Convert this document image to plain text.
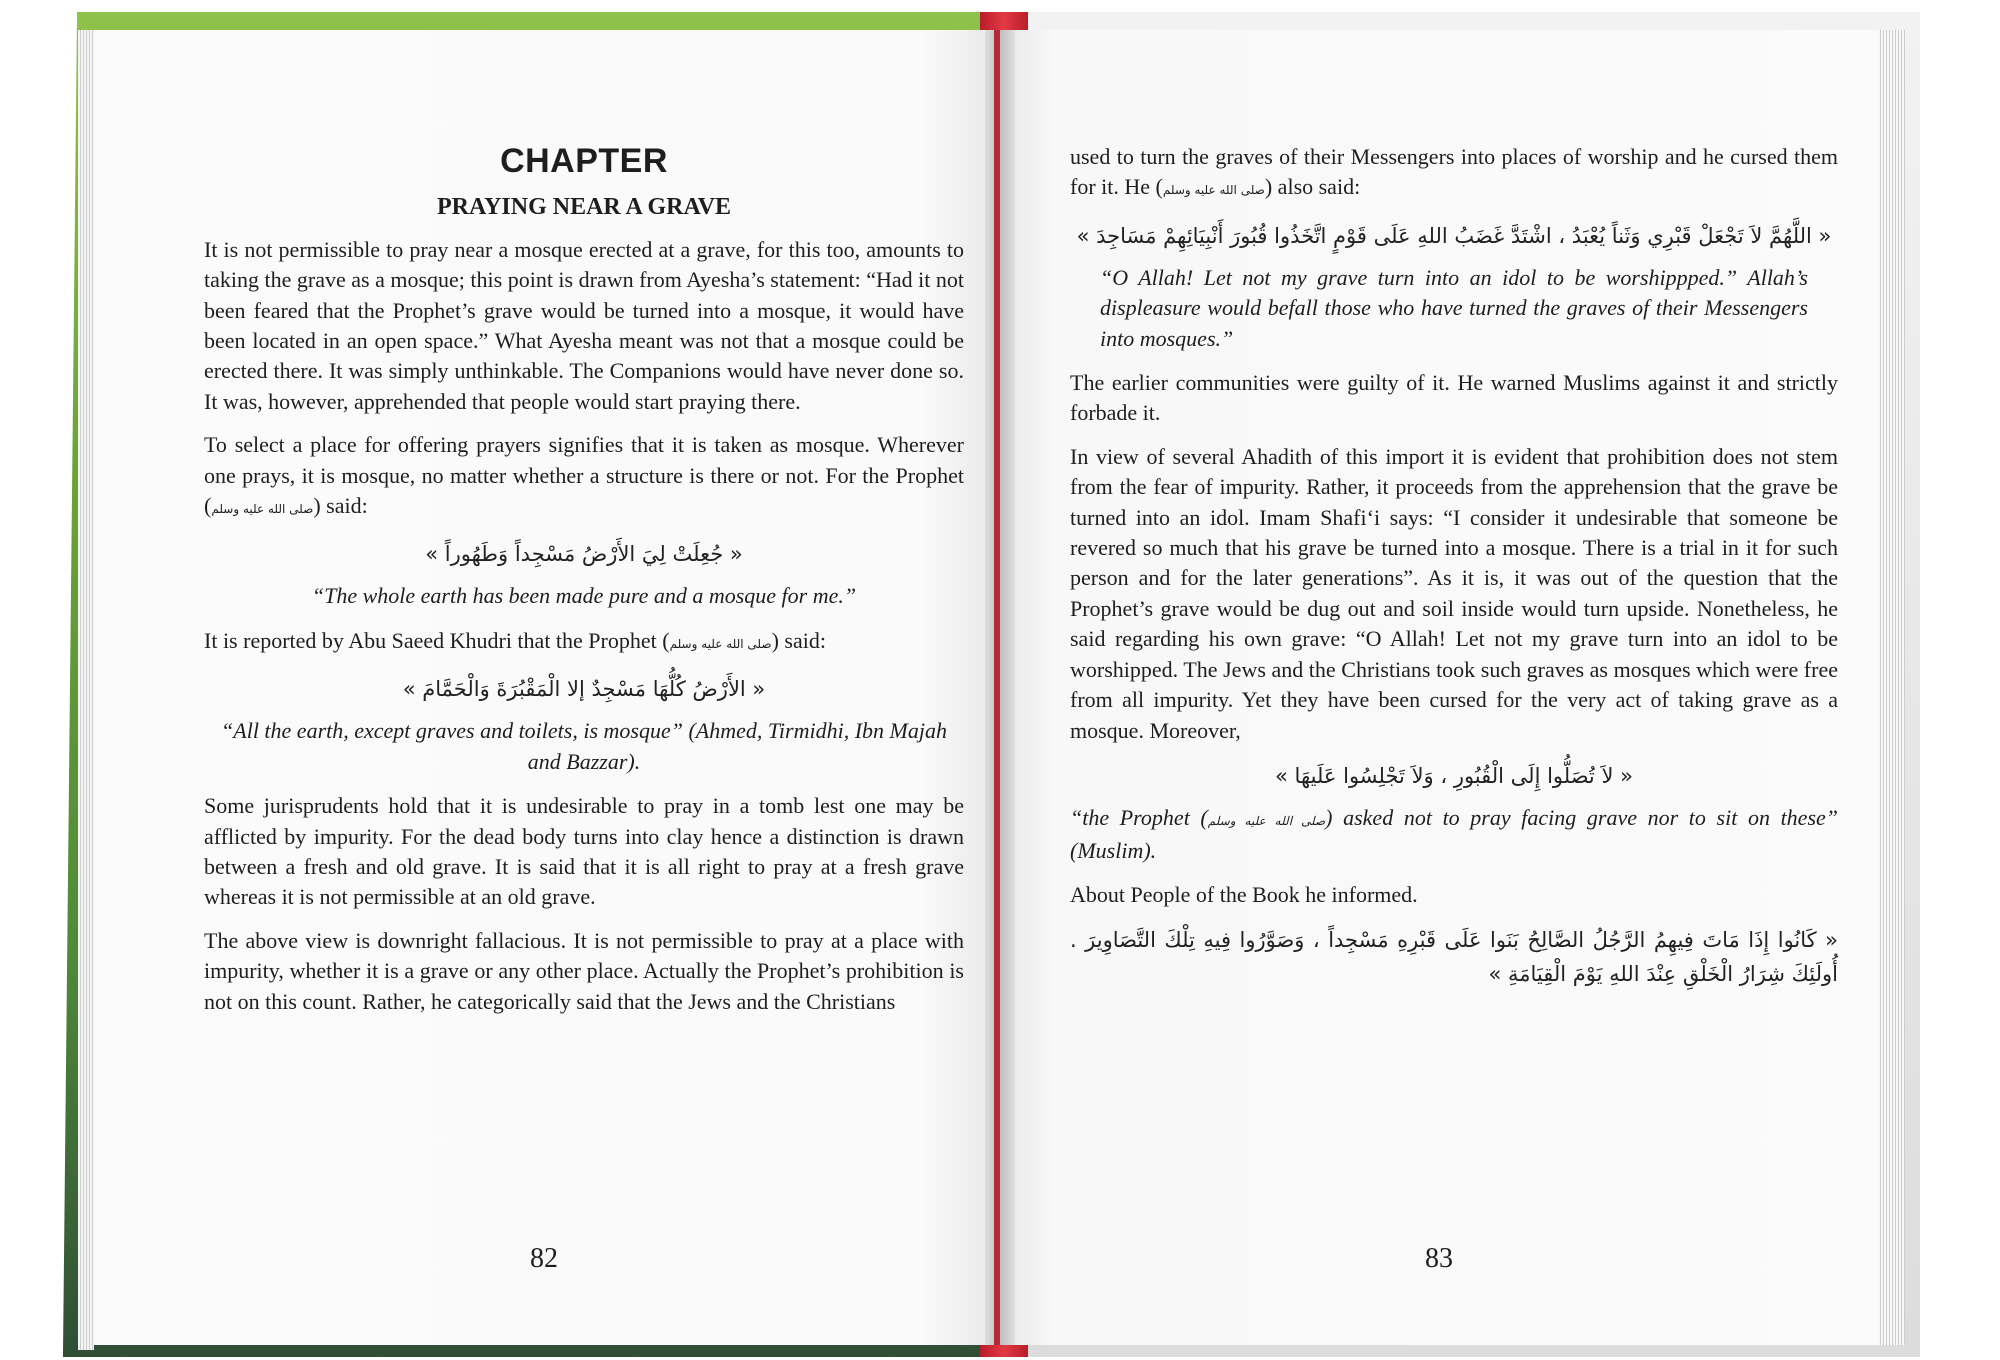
CHAPTER
PRAYING NEAR A GRAVE

It is not permissible to pray near a mosque erected at a grave, for this too, amounts to taking the grave as a mosque; this point is drawn from Ayesha’s statement: “Had it not been feared that the Prophet’s grave would be turned into a mosque, it would have been located in an open space.” What Ayesha meant was not that a mosque could be erected there. It was simply unthinkable. The Companions would have never done so. It was, however, apprehended that people would start praying there.

To select a place for offering prayers signifies that it is taken as mosque. Wherever one prays, it is mosque, no matter whether a structure is there or not. For the Prophet (صلى الله عليه وسلم) said:

« جُعِلَتْ لِيَ الأَرْضُ مَسْجِداً وَطَهُوراً »

“The whole earth has been made pure and a mosque for me.”

It is reported by Abu Saeed Khudri that the Prophet (صلى الله عليه وسلم) said:

« الأَرْضُ كُلُّهَا مَسْجِدٌ إلا الْمَقْبُرَةَ وَالْحَمَّامَ »

“All the earth, except graves and toilets, is mosque” (Ahmed, Tirmidhi, Ibn Majah and Bazzar).

Some jurisprudents hold that it is undesirable to pray in a tomb lest one may be afflicted by impurity. For the dead body turns into clay hence a distinction is drawn between a fresh and old grave. It is said that it is all right to pray at a fresh grave whereas it is not permissible at an old grave.

The above view is downright fallacious. It is not permissible to pray at a place with impurity, whether it is a grave or any other place. Actually the Prophet’s prohibition is not on this count. Rather, he categorically said that the Jews and the Christians

82

used to turn the graves of their Messengers into places of worship and he cursed them for it. He (صلى الله عليه وسلم) also said:

« اللَّهُمَّ لاَ تَجْعَلْ قَبْرِي وَثَناً يُعْبَدُ ، اشْتَدَّ غَضَبُ اللهِ عَلَى قَوْمٍ اتَّخَذُوا قُبُورَ أَنْبِيَائِهِمْ مَسَاجِدَ »

“O Allah! Let not my grave turn into an idol to be worshippped.” Allah’s displeasure would befall those who have turned the graves of their Messengers into mosques.”

The earlier communities were guilty of it. He warned Muslims against it and strictly forbade it.

In view of several Ahadith of this import it is evident that prohibition does not stem from the fear of impurity. Rather, it proceeds from the apprehension that the grave be turned into an idol. Imam Shafi‘i says: “I consider it undesirable that someone be revered so much that his grave be turned into a mosque. There is a trial in it for such person and for the later generations”. As it is, it was out of the question that the Prophet’s grave would be dug out and soil inside would turn upside. Nonetheless, he said regarding his own grave: “O Allah! Let not my grave turn into an idol to be worshipped. The Jews and the Christians took such graves as mosques which were free from all impurity. Yet they have been cursed for the very act of taking grave as a mosque. Moreover,

« لاَ تُصَلُّوا إِلَى الْقُبُورِ ، وَلاَ تَجْلِسُوا عَلَيهَا »

“the Prophet (صلى الله عليه وسلم) asked not to pray facing grave nor to sit on these” (Muslim).

About People of the Book he informed.

« كَانُوا إِذَا مَاتَ فِيهِمُ الرَّجُلُ الصَّالِحُ بَنَوا عَلَى قَبْرِهِ مَسْجِداً ، وَصَوَّرُوا فِيهِ تِلْكَ التَّصَاوِيرَ . أُولَئِكَ شِرَارُ الْخَلْقِ عِنْدَ اللهِ يَوْمَ الْقِيَامَةِ »
83
